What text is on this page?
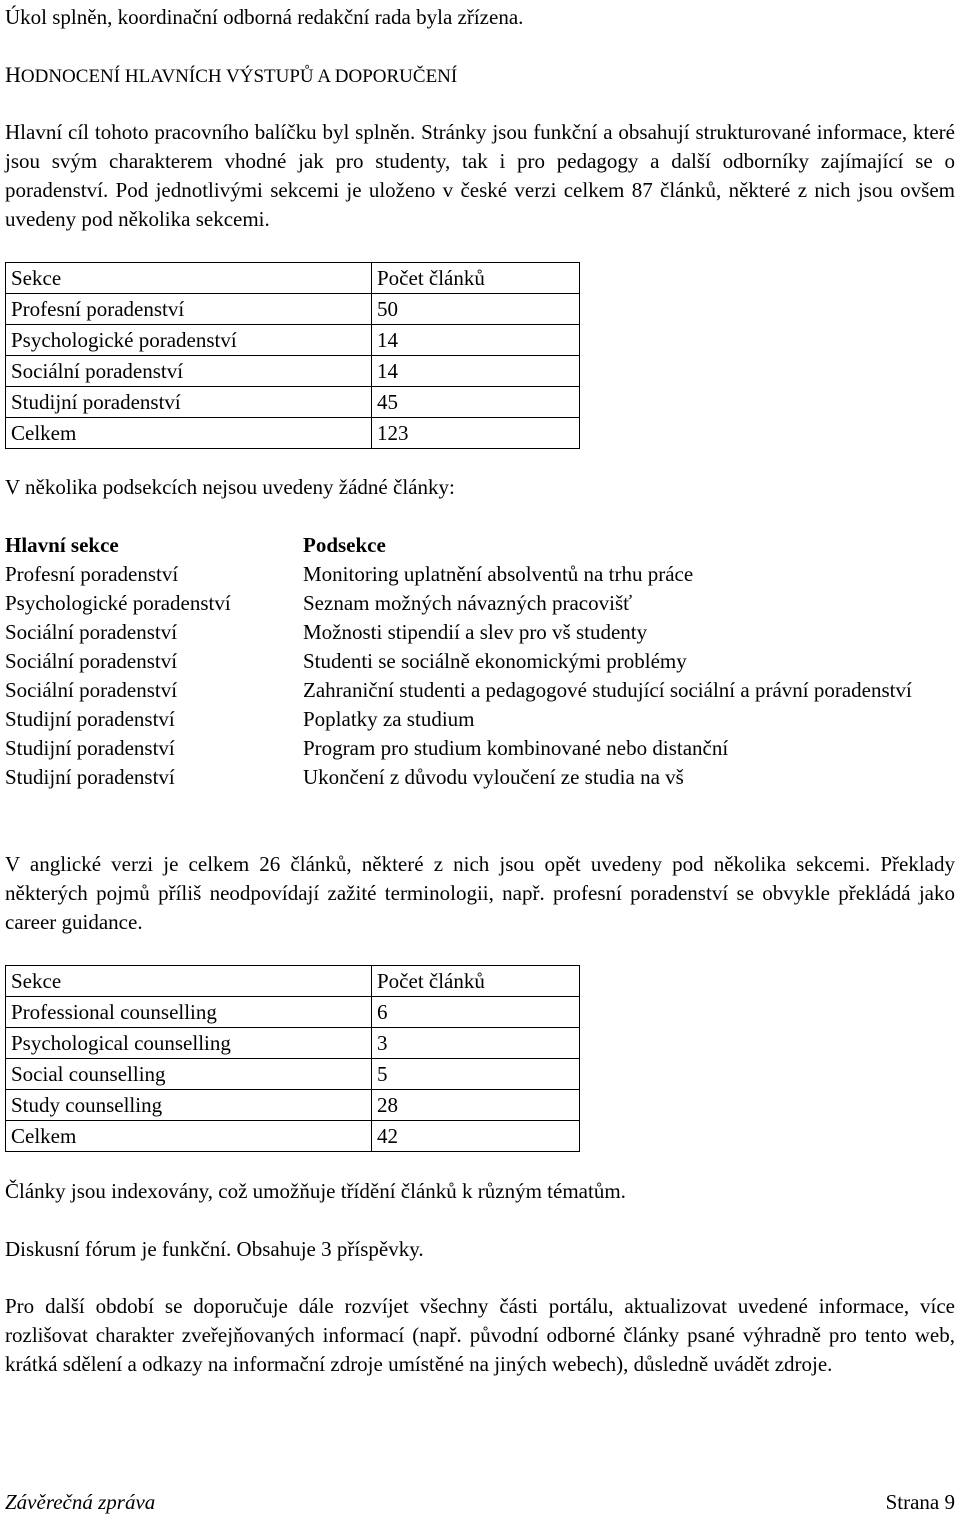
Úkol splněn, koordinační odborná redakční rada byla zřízena.

HODNOCENÍ HLAVNÍCH VÝSTUPŮ A DOPORUČENÍ

Hlavní cíl tohoto pracovního balíčku byl splněn. Stránky jsou funkční a obsahují strukturované informace, které jsou svým charakterem vhodné jak pro studenty, tak i pro pedagogy a další odborníky zajímající se o poradenství. Pod jednotlivými sekcemi je uloženo v české verzi celkem 87 článků, některé z nich jsou ovšem uvedeny pod několika sekcemi.

Sekce	Počet článků
Profesní poradenství	50
Psychologické poradenství	14
Sociální poradenství	14
Studijní poradenství	45
Celkem	123

V několika podsekcích nejsou uvedeny žádné články:

Hlavní sekce	Podsekce
Profesní poradenství	Monitoring uplatnění absolventů na trhu práce
Psychologické poradenství	Seznam možných návazných pracovišť
Sociální poradenství	Možnosti stipendií a slev pro vš studenty
Sociální poradenství	Studenti se sociálně ekonomickými problémy
Sociální poradenství	Zahraniční studenti a pedagogové studující sociální a právní poradenství
Studijní poradenství	Poplatky za studium
Studijní poradenství	Program pro studium kombinované nebo distanční
Studijní poradenství	Ukončení z důvodu vyloučení ze studia na vš

V anglické verzi je celkem 26 článků, některé z nich jsou opět uvedeny pod několika sekcemi. Překlady některých pojmů příliš neodpovídají zažité terminologii, např. profesní poradenství se obvykle překládá jako career guidance.

Sekce	Počet článků
Professional counselling	6
Psychological counselling	3
Social counselling	5
Study counselling	28
Celkem	42

Články jsou indexovány, což umožňuje třídění článků k různým tématům.

Diskusní fórum je funkční. Obsahuje 3 příspěvky.

Pro další období se doporučuje dále rozvíjet všechny části portálu, aktualizovat uvedené informace, více rozlišovat charakter zveřejňovaných informací (např. původní odborné články psané výhradně pro tento web, krátká sdělení a odkazy na informační zdroje umístěné na jiných webech), důsledně uvádět zdroje.

Závěrečná zpráva	Strana 9
